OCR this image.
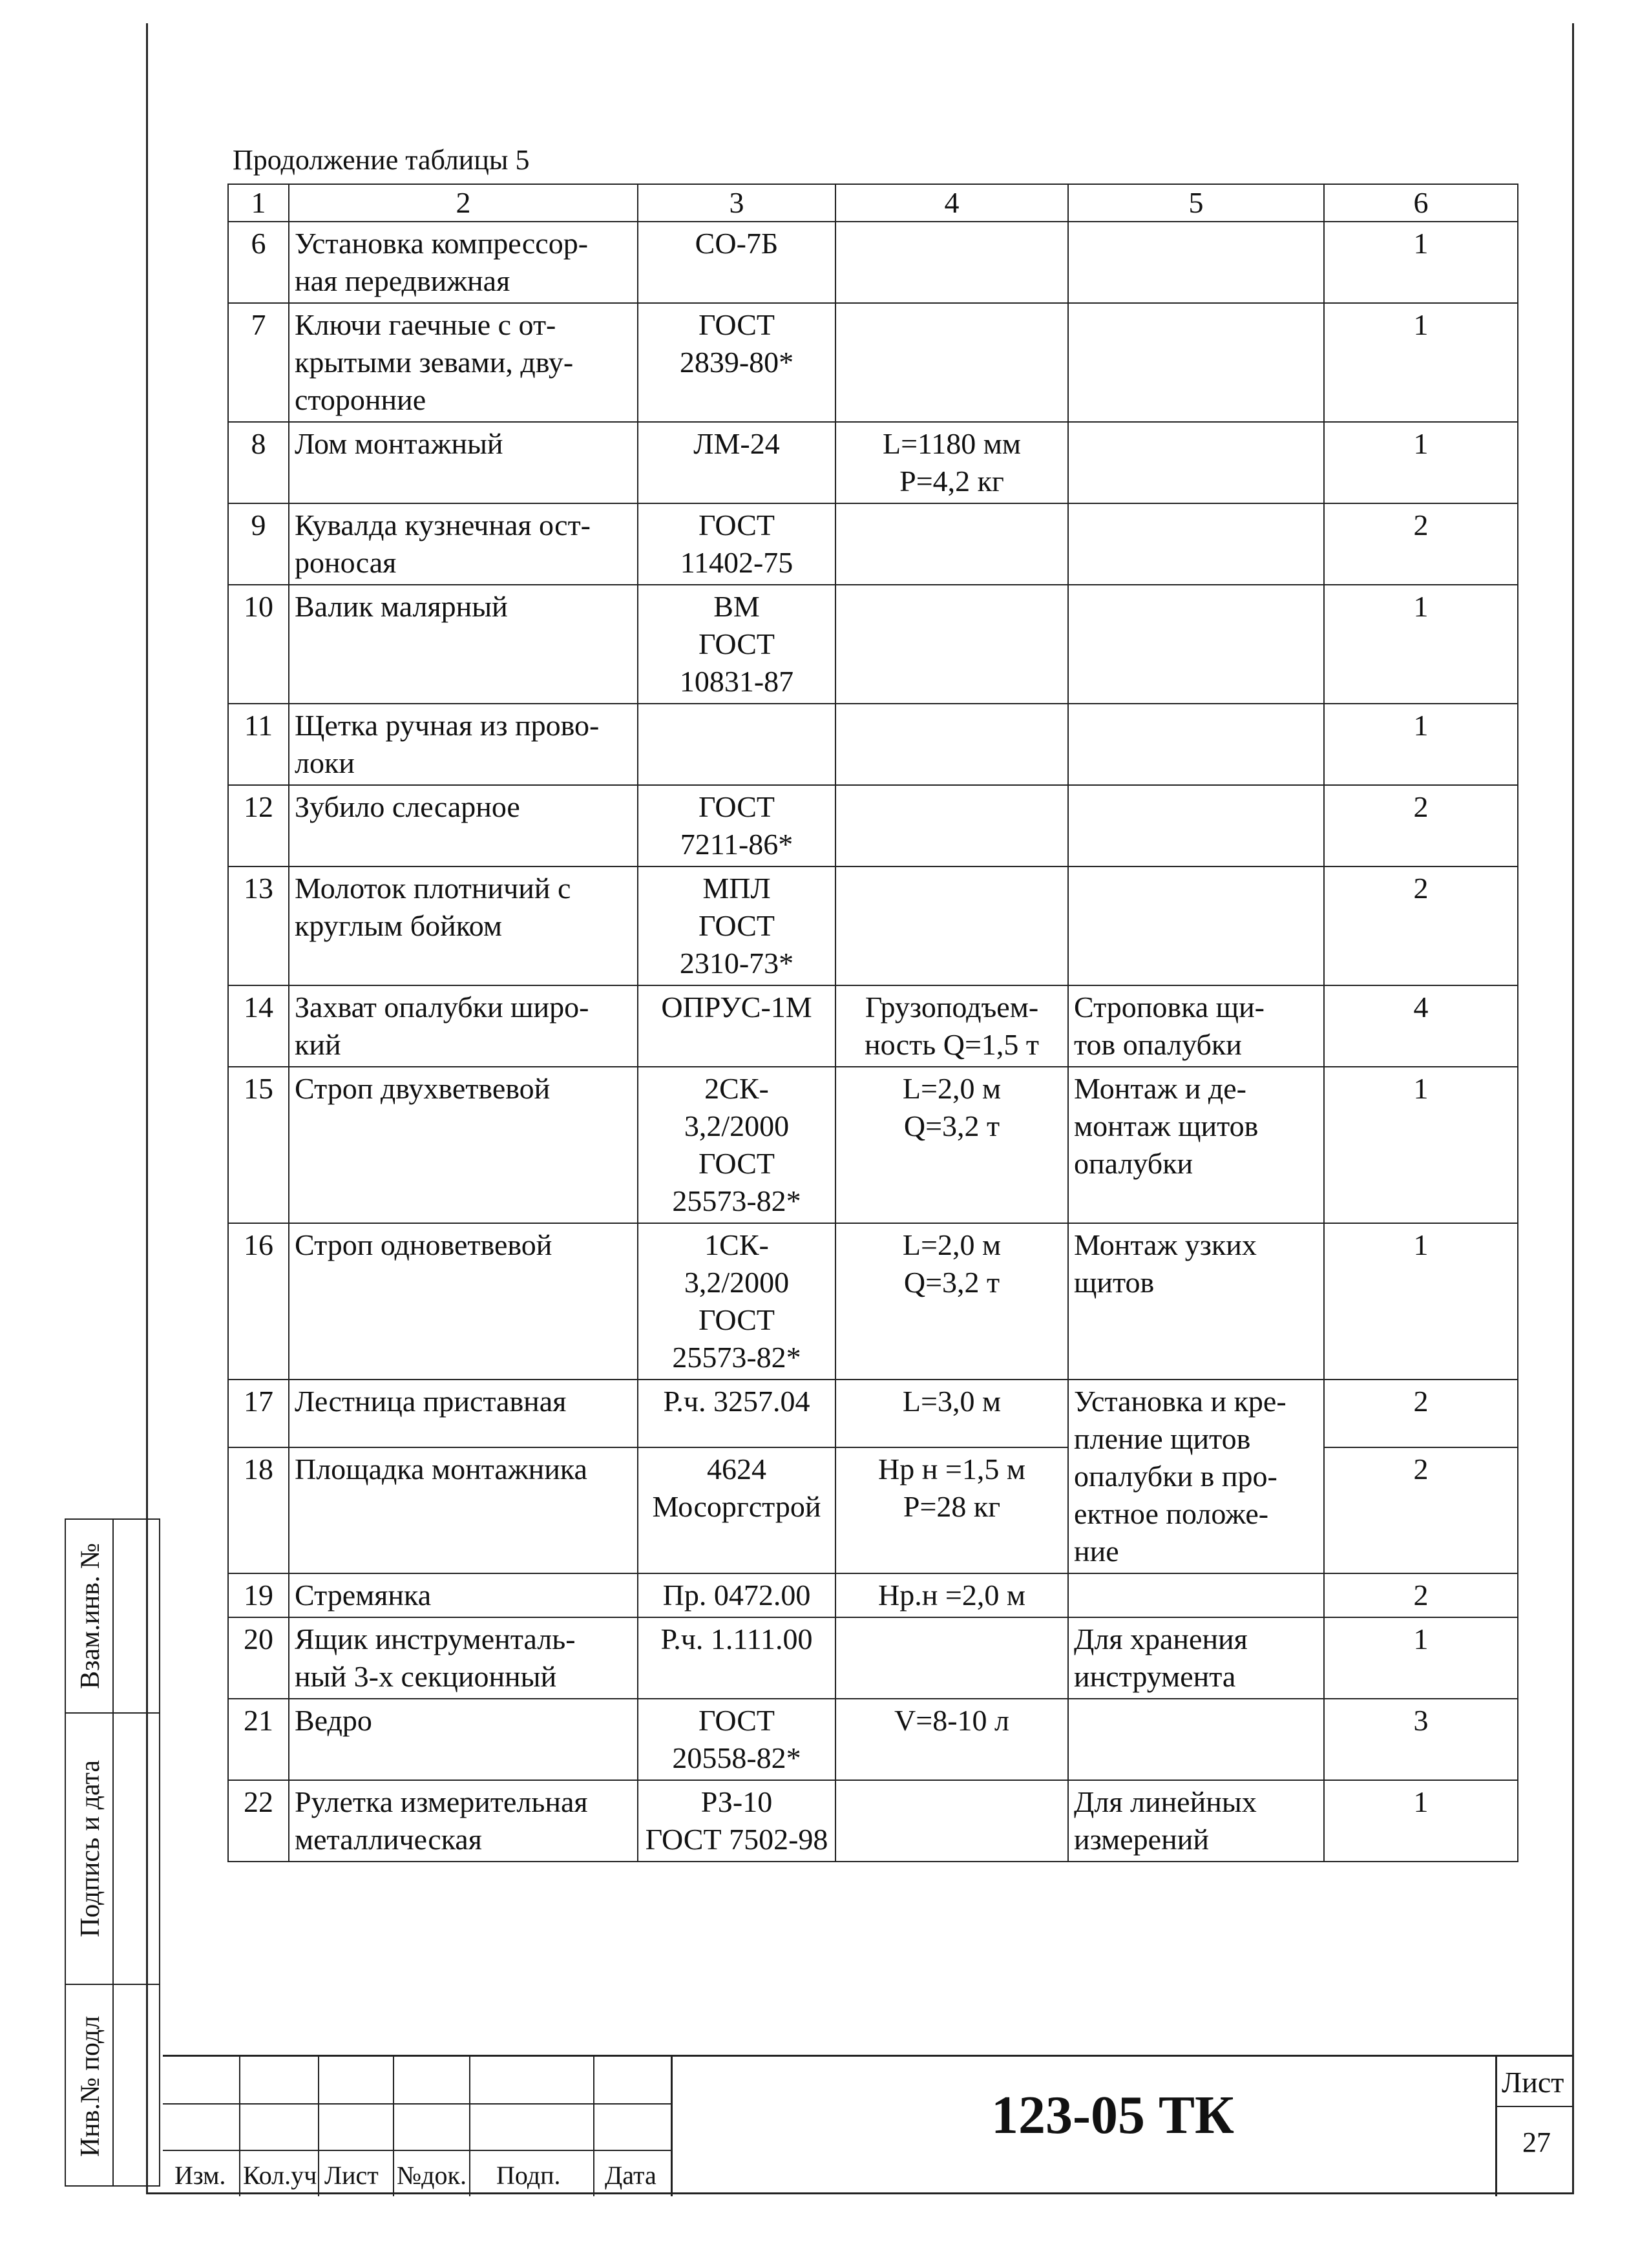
Продолжение таблицы 5
1	2	3	4	5	6
6	Установка компрессор-
ная передвижная	СО-7Б			1
7	Ключи гаечные с от-
крытыми зевами, дву-
сторонние	ГОСТ
2839-80*			1
8	Лом монтажный	ЛМ-24	L=1180 мм
P=4,2 кг		1
9	Кувалда кузнечная ост-
роносая	ГОСТ
11402-75			2
10	Валик малярный	ВМ
ГОСТ
10831-87			1
11	Щетка ручная из прово-
локи				1
12	Зубило слесарное	ГОСТ
7211-86*			2
13	Молоток плотничий с
круглым бойком	МПЛ
ГОСТ
2310-73*			2
14	Захват опалубки широ-
кий	ОПРУС-1М	Грузоподъем-
ность Q=1,5 т	Строповка щи-
тов опалубки	4
15	Строп двухветвевой	2СК-
3,2/2000
ГОСТ
25573-82*	L=2,0 м
Q=3,2 т	Монтаж и де-
монтаж щитов
опалубки	1
16	Строп одноветвевой	1СК-
3,2/2000
ГОСТ
25573-82*	L=2,0 м
Q=3,2 т	Монтаж узких
щитов	1
17	Лестница приставная	Р.ч. 3257.04	L=3,0 м	Установка и кре-
пление щитов
опалубки в про-
ектное положе-
ние	2
18	Площадка монтажника	4624
Мосоргстрой	Нр н =1,5 м
P=28 кг		2
19	Стремянка	Пр. 0472.00	Нр.н =2,0 м		2
20	Ящик инструменталь-
ный 3-х секционный	Р.ч. 1.111.00		Для хранения
инструмента	1
21	Ведро	ГОСТ
20558-82*	V=8-10 л		3
22	Рулетка измерительная
металлическая	РЗ-10
ГОСТ 7502-98		Для линейных
измерений	1
Взам.инв. №
Подпись и дата
Инв.№ подл
Изм. Кол.уч Лист №док. Подп. Дата
123-05 ТК
Лист
27
